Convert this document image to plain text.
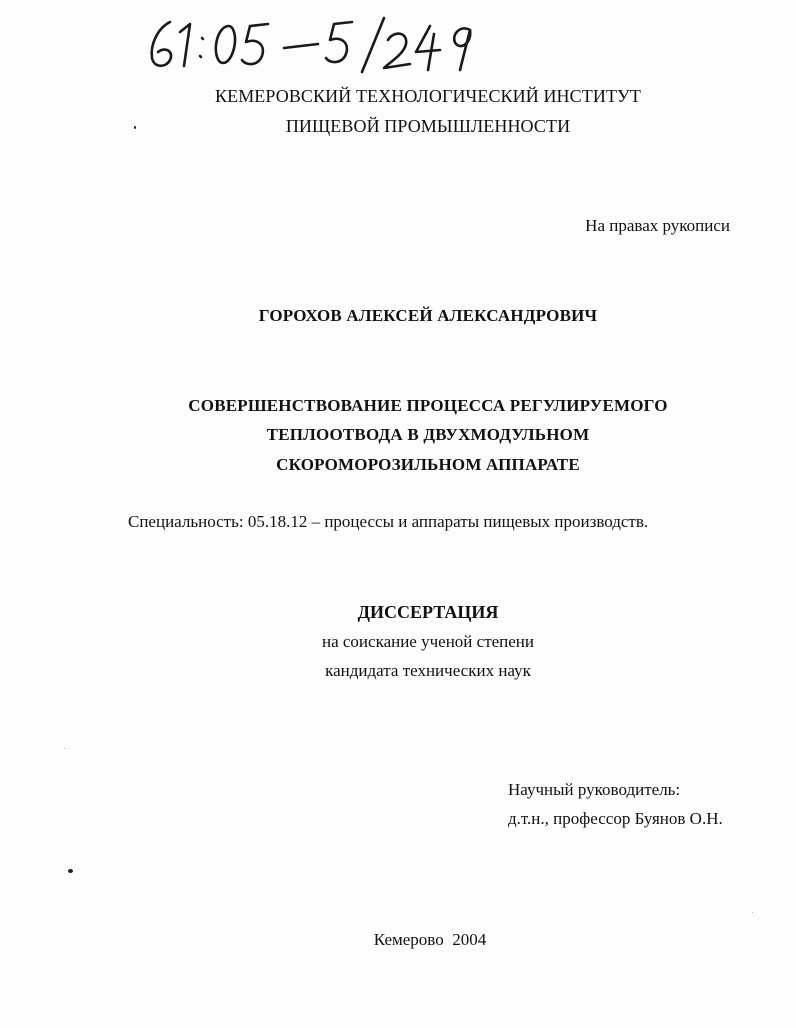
КЕМЕРОВСКИЙ ТЕХНОЛОГИЧЕСКИЙ ИНСТИТУТ
ПИЩЕВОЙ ПРОМЫШЛЕННОСТИ
На правах рукописи
ГОРОХОВ АЛЕКСЕЙ АЛЕКСАНДРОВИЧ
СОВЕРШЕНСТВОВАНИЕ ПРОЦЕССА РЕГУЛИРУЕМОГО
ТЕПЛООТВОДА В ДВУХМОДУЛЬНОМ
СКОРОМОРОЗИЛЬНОМ АППАРАТЕ
Специальность: 05.18.12 – процессы и аппараты пищевых производств.
ДИССЕРТАЦИЯ
на соискание ученой степени
кандидата технических наук
Научный руководитель:
д.т.н., профессор Буянов О.Н.
Кемерово  2004
